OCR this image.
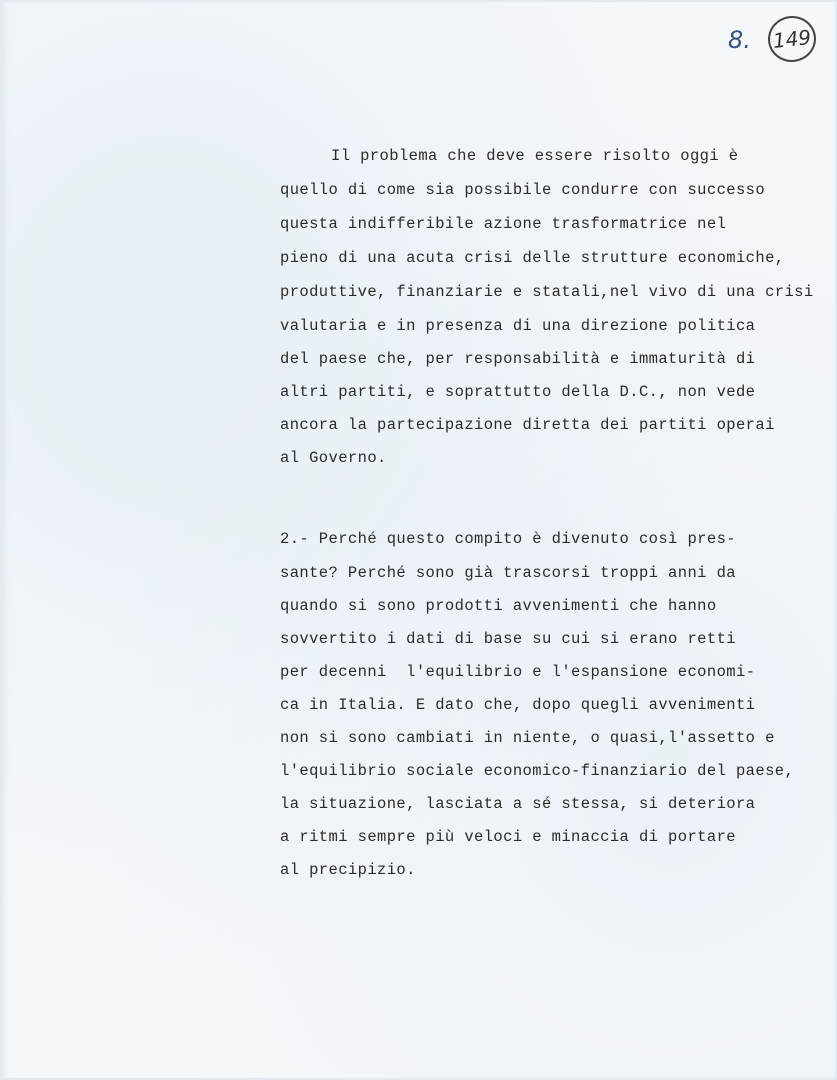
8.	149
Il problema che deve essere risolto oggi è
quello di come sia possibile condurre con successo
questa indifferibile azione trasformatrice nel
pieno di una acuta crisi delle strutture economiche,
produttive, finanziarie e statali,nel vivo di una crisi
valutaria e in presenza di una direzione politica
del paese che, per responsabilità e immaturità di
altri partiti, e soprattutto della D.C., non vede
ancora la partecipazione diretta dei partiti operai
al Governo.
2.- Perché questo compito è divenuto così pres-
sante? Perché sono già trascorsi troppi anni da
quando si sono prodotti avvenimenti che hanno
sovvertito i dati di base su cui si erano retti
per decenni  l'equilibrio e l'espansione economi-
ca in Italia. E dato che, dopo quegli avvenimenti
non si sono cambiati in niente, o quasi,l'assetto e
l'equilibrio sociale economico-finanziario del paese,
la situazione, lasciata a sé stessa, si deteriora
a ritmi sempre più veloci e minaccia di portare
al precipizio.
